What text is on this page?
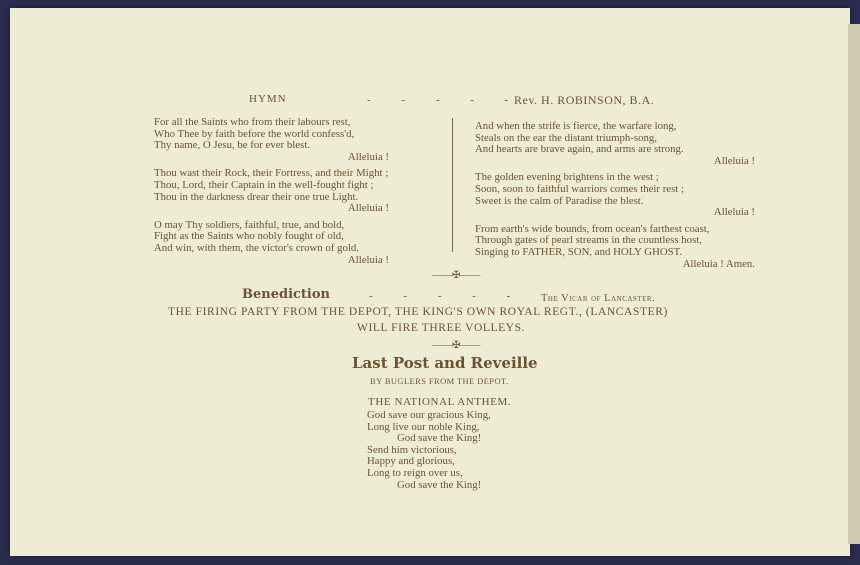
HYMN	- - - - -
Rev. H. ROBINSON, B.A.
For all the Saints who from their labours rest,
Who Thee by faith before the world confess'd,
Thy name, O Jesu, be for ever blest.
Alleluia !
Thou wast their Rock, their Fortress, and their Might ;
Thou, Lord, their Captain in the well-fought fight ;
Thou in the darkness drear their one true Light.
Alleluia !
O may Thy soldiers, faithful, true, and bold,
Fight as the Saints who nobly fought of old,
And win, with them, the victor's crown of gold.
Alleluia !
And when the strife is fierce, the warfare long,
Steals on the ear the distant triumph-song,
And hearts are brave again, and arms are strong.
Alleluia !
The golden evening brightens in the west ;
Soon, soon to faithful warriors comes their rest ;
Sweet is the calm of Paradise the blest.
Alleluia !
From earth's wide bounds, from ocean's farthest coast,
Through gates of pearl streams in the countless host,
Singing to FATHER, SON, and HOLY GHOST.
Alleluia ! Amen.
——✠——
Benediction	- - - - - The Vicar of Lancaster.
THE FIRING PARTY FROM THE DEPOT, THE KING'S OWN ROYAL REGT., (LANCASTER)
WILL FIRE THREE VOLLEYS.
——✠——
Last Post and Reveille
BY BUGLERS FROM THE DEPOT.
THE NATIONAL ANTHEM.
God save our gracious King,
Long live our noble King,
God save the King!
Send him victorious,
Happy and glorious,
Long to reign over us,
God save the King!
